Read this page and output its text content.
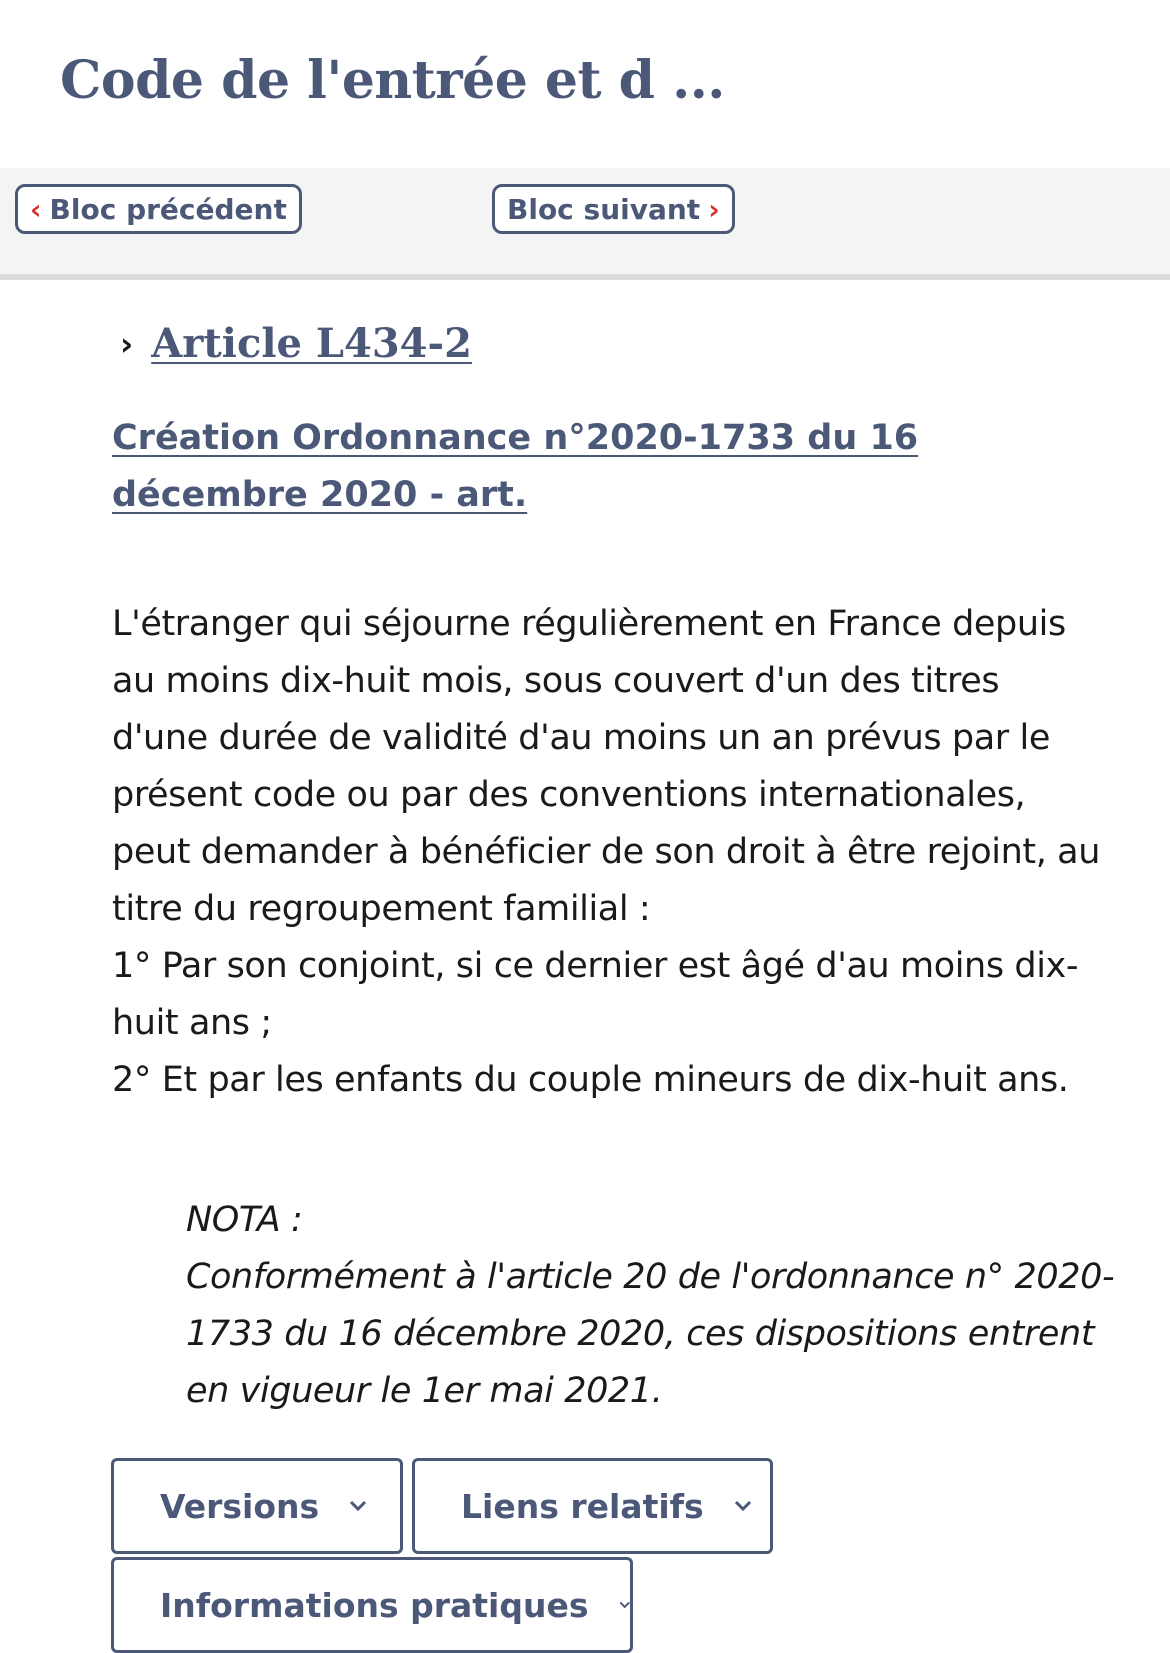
Code de l'entrée et d ...
‹ Bloc précédent	Bloc suivant ›
› Article L434-2
Création Ordonnance n°2020-1733 du 16 décembre 2020 - art.

L'étranger qui séjourne régulièrement en France depuis au moins dix-huit mois, sous couvert d'un des titres d'une durée de validité d'au moins un an prévus par le présent code ou par des conventions internationales, peut demander à bénéficier de son droit à être rejoint, au titre du regroupement familial :

1° Par son conjoint, si ce dernier est âgé d'au moins dix-huit ans ;

2° Et par les enfants du couple mineurs de dix-huit ans.

NOTA :

Conformément à l'article 20 de l'ordonnance n° 2020-1733 du 16 décembre 2020, ces dispositions entrent en vigueur le 1er mai 2021.

Versions	Liens relatifs
Informations pratiques
